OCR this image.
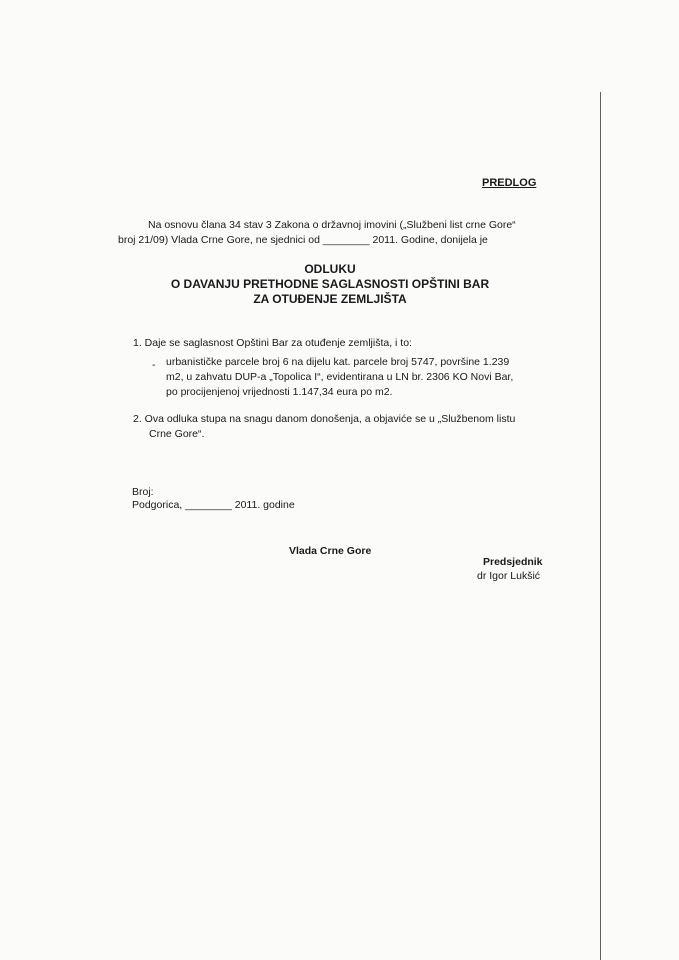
PREDLOG
Na osnovu člana 34 stav 3 Zakona o državnoj imovini („Službeni list crne Gore“
broj 21/09) Vlada Crne Gore, ne sjednici od ________ 2011. Godine, donijela je
ODLUKU
O DAVANJU PRETHODNE SAGLASNOSTI OPŠTINI BAR
ZA OTUĐENJE ZEMLJIŠTA
1. Daje se saglasnost Opštini Bar za otuđenje zemljišta, i to:
- urbanističke parcele broj 6 na dijelu kat. parcele broj 5747, površine 1.239
m2, u zahvatu DUP-a „Topolica I“, evidentirana u LN br. 2306 KO Novi Bar,
po procijenjenoj vrijednosti 1.147,34 eura po m2.
2. Ova odluka stupa na snagu danom donošenja, a objaviće se u „Službenom listu
Crne Gore“.
Broj:
Podgorica, ________ 2011. godine
Vlada Crne Gore
Predsjednik
dr Igor Lukšić
